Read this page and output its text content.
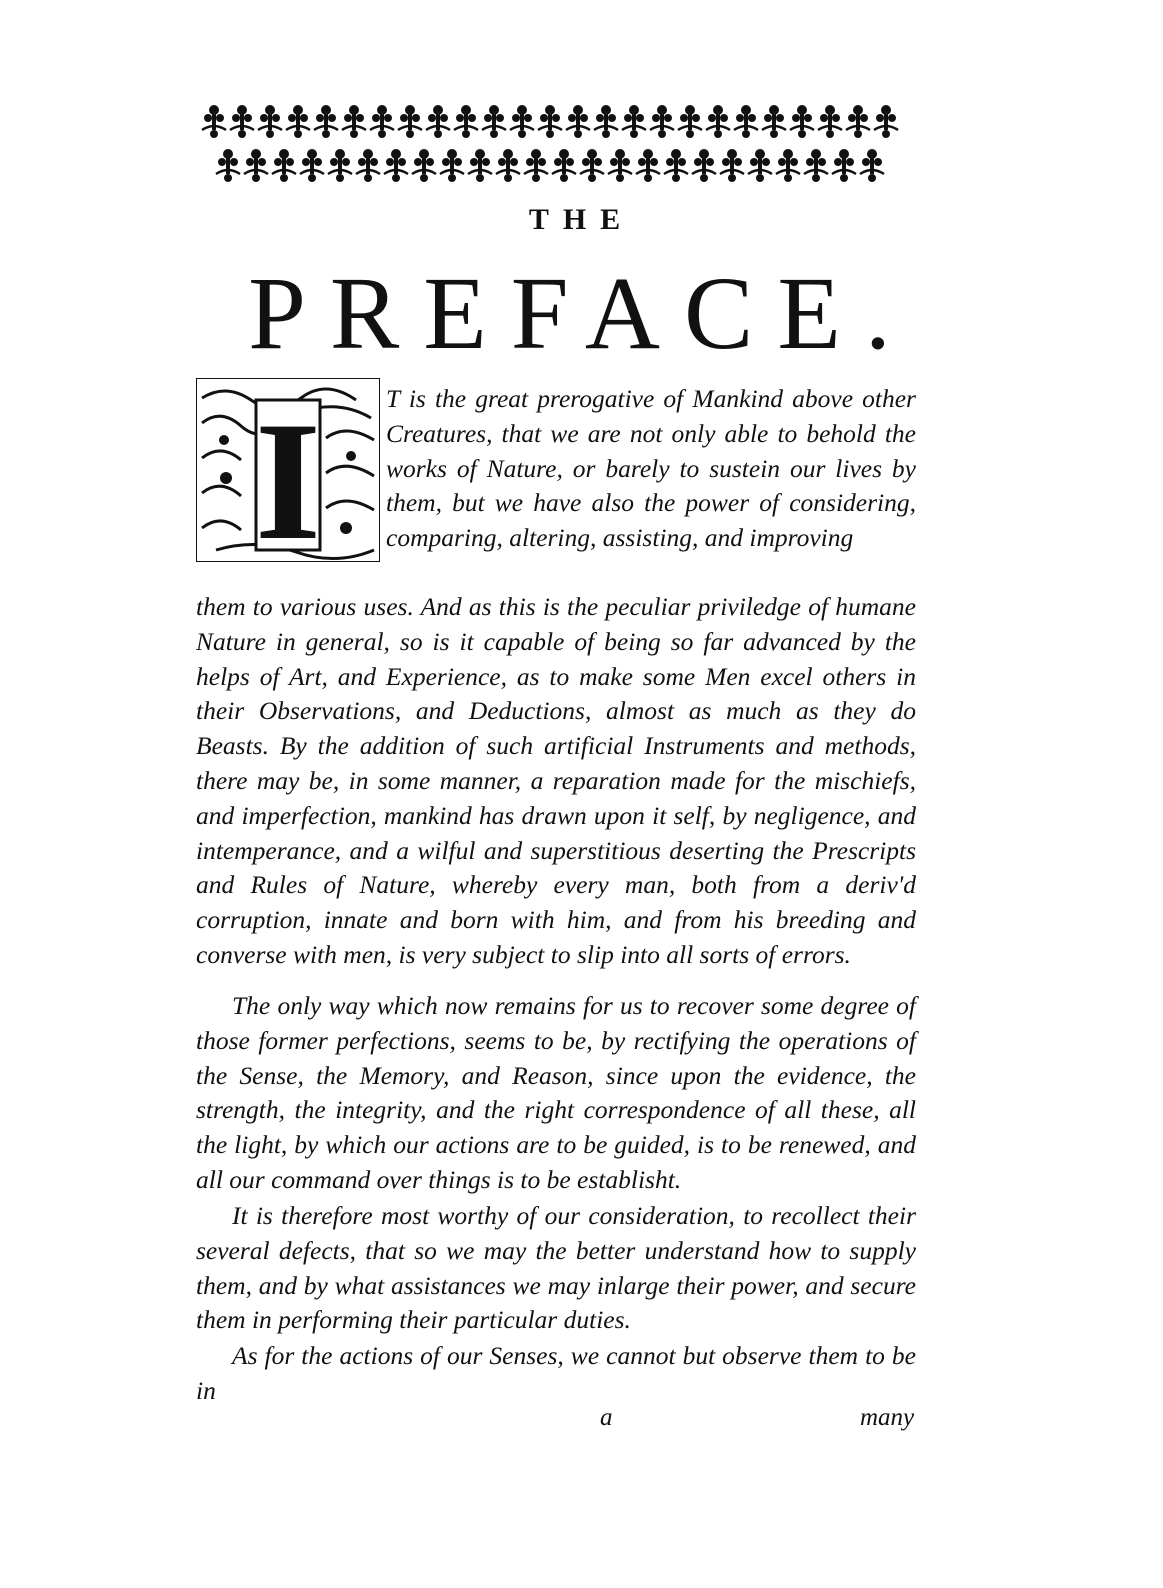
THE
PREFACE.
I	T is the great prerogative of Mankind above other Creatures, that we are not only able to behold the works of Nature, or barely to sustein our lives by them, but we have also the power of considering, comparing, altering, assisting, and improving

them to various uses. And as this is the peculiar priviledge of humane Nature in general, so is it capable of being so far advanced by the helps of Art, and Experience, as to make some Men excel others in their Observations, and Deductions, almost as much as they do Beasts. By the addition of such artificial Instruments and methods, there may be, in some manner, a reparation made for the mischiefs, and imperfection, mankind has drawn upon it self, by negligence, and intemperance, and a wilful and superstitious deserting the Prescripts and Rules of Nature, whereby every man, both from a deriv'd corruption, innate and born with him, and from his breeding and converse with men, is very subject to slip into all sorts of errors.

The only way which now remains for us to recover some degree of those former perfections, seems to be, by rectifying the operations of the Sense, the Memory, and Reason, since upon the evidence, the strength, the integrity, and the right correspondence of all these, all the light, by which our actions are to be guided, is to be renewed, and all our command over things is to be establisht.

It is therefore most worthy of our consideration, to recollect their several defects, that so we may the better understand how to supply them, and by what assistances we may inlarge their power, and secure them in performing their particular duties.

As for the actions of our Senses, we cannot but observe them to be in

a	many
